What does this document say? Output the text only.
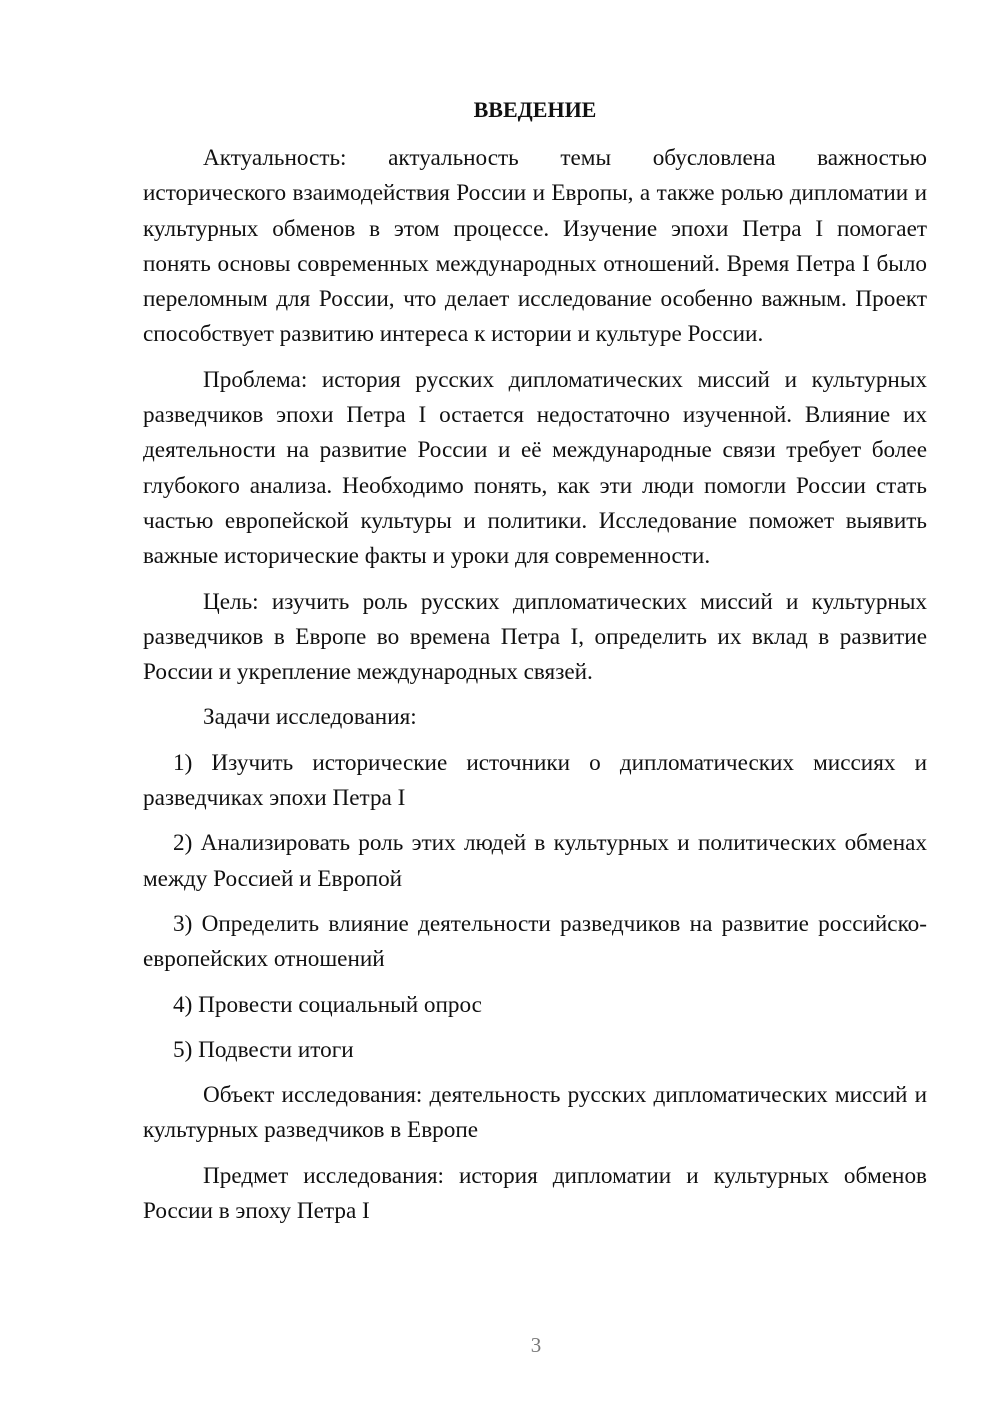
ВВЕДЕНИЕ

Актуальность: актуальность темы обусловлена важностью исторического взаимодействия России и Европы, а также ролью дипломатии и культурных обменов в этом процессе. Изучение эпохи Петра I помогает понять основы современных международных отношений. Время Петра I было переломным для России, что делает исследование особенно важным. Проект способствует развитию интереса к истории и культуре России.

Проблема: история русских дипломатических миссий и культурных разведчиков эпохи Петра I остается недостаточно изученной. Влияние их деятельности на развитие России и её международные связи требует более глубокого анализа. Необходимо понять, как эти люди помогли России стать частью европейской культуры и политики. Исследование поможет выявить важные исторические факты и уроки для современности.

Цель: изучить роль русских дипломатических миссий и культурных разведчиков в Европе во времена Петра I, определить их вклад в развитие России и укрепление международных связей.

Задачи исследования:

1) Изучить исторические источники о дипломатических миссиях и разведчиках эпохи Петра I

2) Анализировать роль этих людей в культурных и политических обменах между Россией и Европой

3) Определить влияние деятельности разведчиков на развитие российско-европейских отношений

4) Провести социальный опрос

5) Подвести итоги

Объект исследования: деятельность русских дипломатических миссий и культурных разведчиков в Европе

Предмет исследования: история дипломатии и культурных обменов России в эпоху Петра I

3
